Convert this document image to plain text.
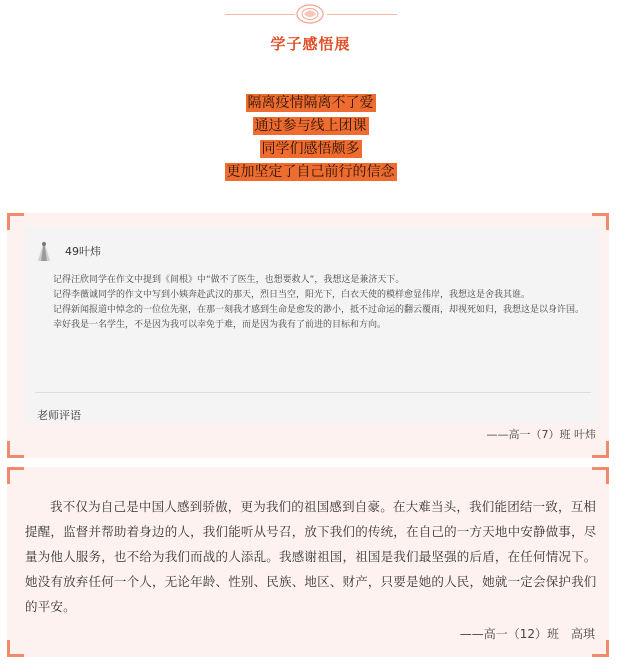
学子感悟展

隔离疫情隔离不了爱

通过参与线上团课

同学们感悟颇多

更加坚定了自己前行的信念

49叶炜

记得汪欣同学在作文中提到《间根》中“做不了医生，也想要救人”，我想这是兼济天下。

记得李薇诚同学的作文中写到小姨奔赴武汉的那天，烈日当空，阳光下，白衣天使的模样愈显伟岸，我想这是舍我其谁。

记得新闻报道中悼念的一位位先驱，在那一刻我才感到生命是愈发的渺小，抵不过命运的翻云覆雨，却视死如归，我想这是以身许国。

幸好我是一名学生，不是因为我可以幸免于难，而是因为我有了前进的目标和方向。

老师评语
——高一（7）班 叶炜
我不仅为自己是中国人感到骄傲，更为我们的祖国感到自豪。在大难当头，我们能团结一致，互相提醒，监督并帮助着身边的人，我们能听从号召，放下我们的传统，在自己的一方天地中安静做事，尽量为他人服务，也不给为我们而战的人添乱。我感谢祖国，祖国是我们最坚强的后盾，在任何情况下。她没有放弃任何一个人，无论年龄、性别、民族、地区、财产，只要是她的人民，她就一定会保护我们的平安。
——高一（12）班　高琪
